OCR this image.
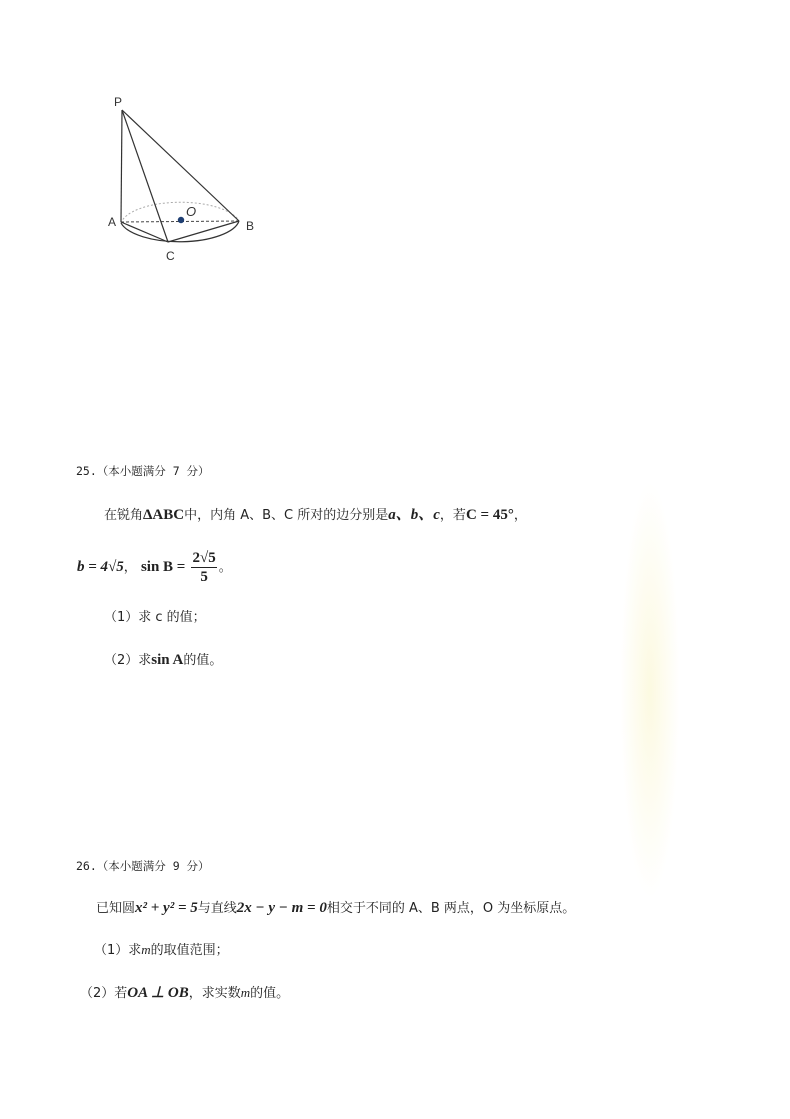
P
A	B
C
O
25.（本小题满分 7 分）
在锐角ΔABC中，内角 A、B、C 所对的边分别是a、b、c，若C = 45°，
b = 4√5， $\sin B = \frac{2√5}{5}$ 。
（1）求 c 的值；
（2）求sin A的值。
26.（本小题满分 9 分）
已知圆x² + y² = 5与直线2x − y − m = 0相交于不同的 A、B 两点，O 为坐标原点。
（1）求m的取值范围；
（2）若OA ⊥ OB，求实数m的值。
